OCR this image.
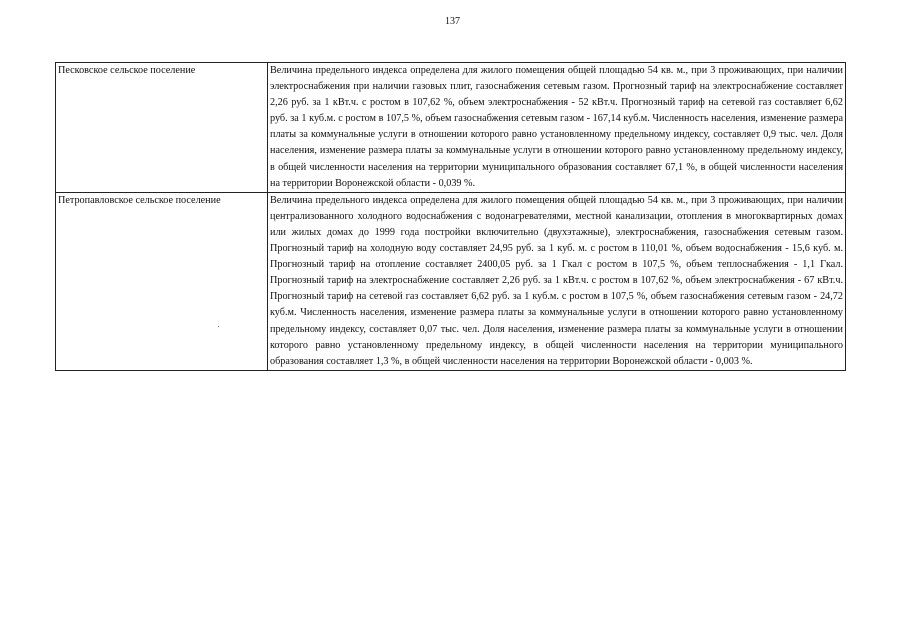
137
Песковское сельское поселение	Величина предельного индекса определена для жилого помещения общей площадью 54 кв. м., при 3 проживающих, при наличии электроснабжения при наличии газовых плит, газоснабжения сетевым газом. Прогнозный тариф на электроснабжение составляет 2,26 руб. за 1 кВт.ч. с ростом в 107,62 %, объем электроснабжения - 52 кВт.ч. Прогнозный тариф на сетевой газ составляет 6,62 руб. за 1 куб.м. с ростом в 107,5 %, объем газоснабжения сетевым газом - 167,14 куб.м. Численность населения, изменение размера платы за коммунальные услуги в отношении которого равно установленному предельному индексу, составляет 0,9 тыс. чел. Доля населения, изменение размера платы за коммунальные услуги в отношении которого равно установленному предельному индексу, в общей численности населения на территории муниципального образования составляет 67,1 %, в общей численности населения на территории Воронежской области - 0,039 %.
Петропавловское сельское поселение	Величина предельного индекса определена для жилого помещения общей площадью 54 кв. м., при 3 проживающих, при наличии централизованного холодного водоснабжения с водонагревателями, местной канализации, отопления в многоквартирных домах или жилых домах до 1999 года постройки включительно (двухэтажные), электроснабжения, газоснабжения сетевым газом. Прогнозный тариф на холодную воду составляет 24,95 руб. за 1 куб. м. с ростом в 110,01 %, объем водоснабжения - 15,6 куб. м. Прогнозный тариф на отопление составляет 2400,05 руб. за 1 Гкал с ростом в 107,5 %, объем теплоснабжения - 1,1 Гкал. Прогнозный тариф на электроснабжение составляет 2,26 руб. за 1 кВт.ч. с ростом в 107,62 %, объем электроснабжения - 67 кВт.ч. Прогнозный тариф на сетевой газ составляет 6,62 руб. за 1 куб.м. с ростом в 107,5 %, объем газоснабжения сетевым газом - 24,72 куб.м. Численность населения, изменение размера платы за коммунальные услуги в отношении которого равно установленному предельному индексу, составляет 0,07 тыс. чел. Доля населения, изменение размера платы за коммунальные услуги в отношении которого равно установленному предельному индексу, в общей численности населения на территории муниципального образования составляет 1,3 %, в общей численности населения на территории Воронежской области - 0,003 %.
